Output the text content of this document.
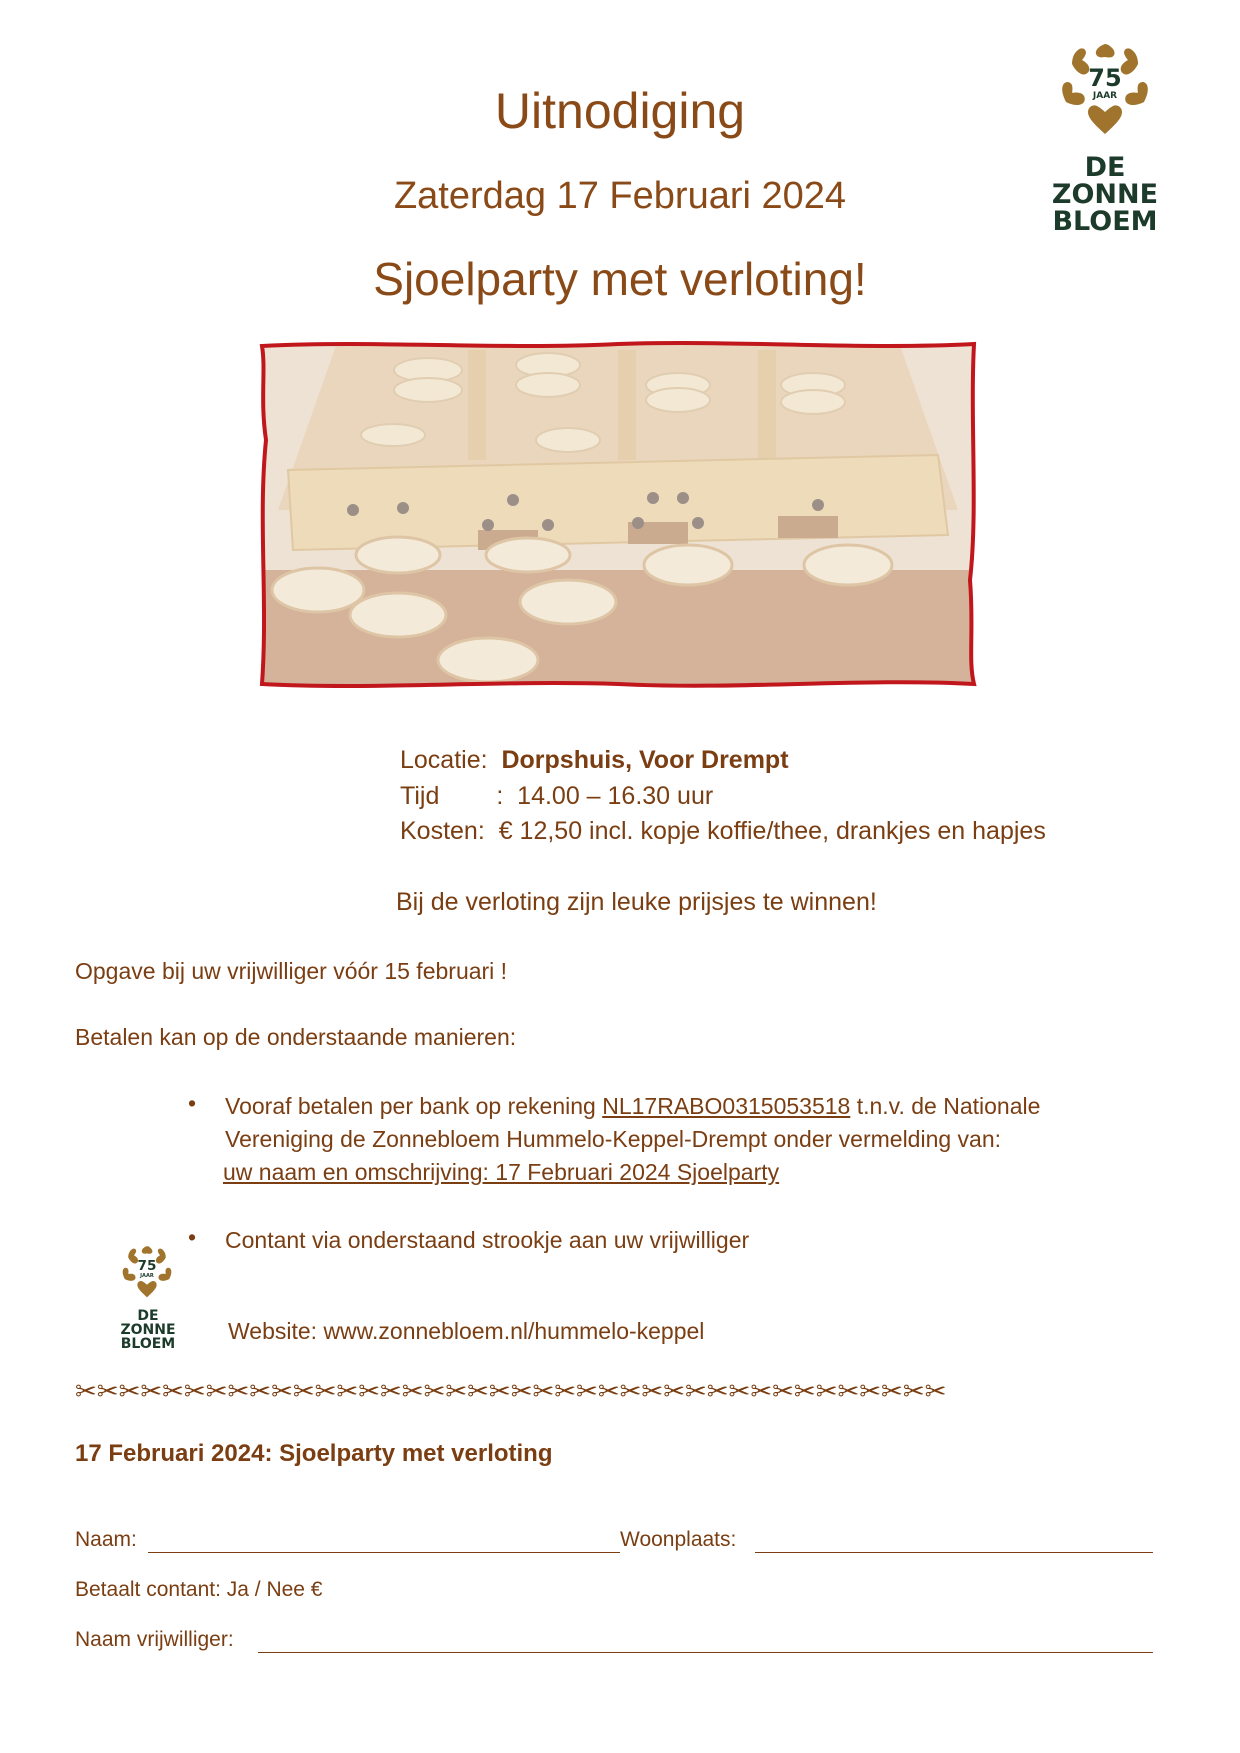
Uitnodiging
Zaterdag 17 Februari 2024
Sjoelparty met verloting!
75
JAAR
DE
ZONNE
BLOEM
Locatie: Dorpshuis, Voor Drempt
Tijd : 14.00 – 16.30 uur
Kosten: € 12,50 incl. kopje koffie/thee, drankjes en hapjes
Bij de verloting zijn leuke prijsjes te winnen!
Opgave bij uw vrijwilliger vóór 15 februari !
Betalen kan op de onderstaande manieren:
• Vooraf betalen per bank op rekening NL17RABO0315053518 t.n.v. de Nationale
Vereniging de Zonnebloem Hummelo-Keppel-Drempt onder vermelding van:
uw naam en omschrijving: 17 Februari 2024 Sjoelparty
• Contant via onderstaand strookje aan uw vrijwilliger
75
JAAR
DE
ZONNE
BLOEM	Website: www.zonnebloem.nl/hummelo-keppel
✂✂✂✂✂✂✂✂✂✂✂✂✂✂✂✂✂✂✂✂✂✂✂✂✂✂✂✂✂✂✂✂✂✂✂✂✂✂✂✂
17 Februari 2024: Sjoelparty met verloting
Naam:	Woonplaats:
Betaalt contant: Ja / Nee €
Naam vrijwilliger:
